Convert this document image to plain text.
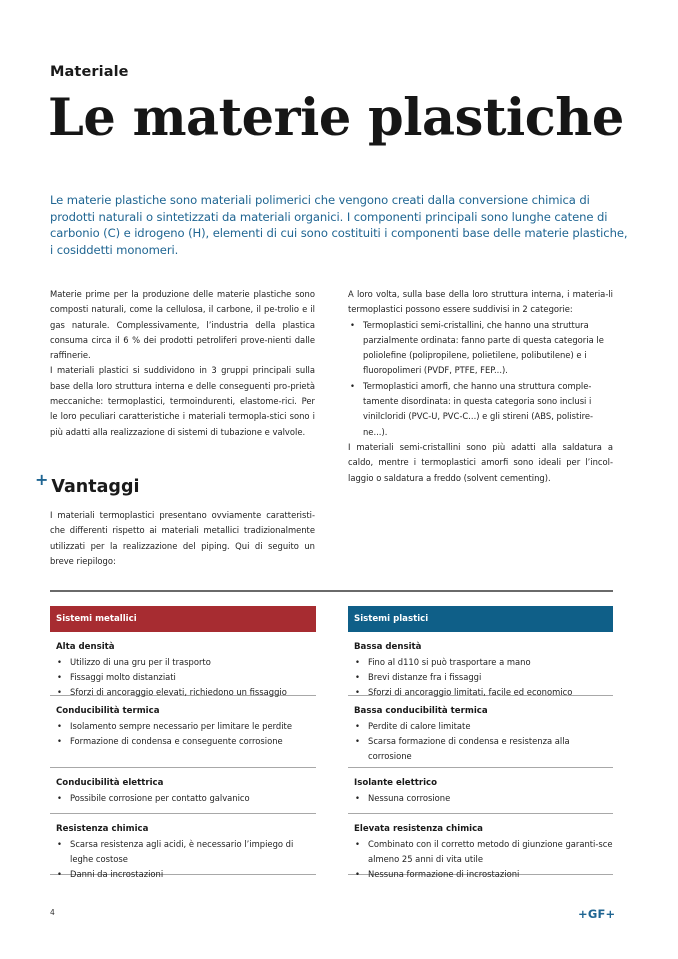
Materiale
Le materie plastiche
Le materie plastiche sono materiali polimerici che vengono creati dalla conversione chimica di prodotti naturali o sintetizzati da materiali organici. I componenti principali sono lunghe catene di carbonio (C) e idrogeno (H), elementi di cui sono costituiti i componenti base delle materie plastiche, i cosiddetti monomeri.

Materie prime per la produzione delle materie plastiche sono composti naturali, come la cellulosa, il carbone, il pe-trolio e il gas naturale. Complessivamente, l’industria della plastica consuma circa il 6 % dei prodotti petroliferi prove-nienti dalle raffinerie.

I materiali plastici si suddividono in 3 gruppi principali sulla base della loro struttura interna e delle conseguenti pro-prietà meccaniche: termoplastici, termoindurenti, elastome-rici. Per le loro peculiari caratteristiche i materiali termopla-stici sono i più adatti alla realizzazione di sistemi di tubazione e valvole.

A loro volta, sulla base della loro struttura interna, i materia-li termoplastici possono essere suddivisi in 2 categorie:

• Termoplastici semi-cristallini, che hanno una struttura parzialmente ordinata: fanno parte di questa categoria le poliolefine (polipropilene, polietilene, polibutilene) e i fluoropolimeri (PVDF, PTFE, FEP...).
• Termoplastici amorfi, che hanno una struttura comple-tamente disordinata: in questa categoria sono inclusi i vinilcloridi (PVC-U, PVC-C...) e gli stireni (ABS, polistire-ne...).

I materiali semi-cristallini sono più adatti alla saldatura a caldo, mentre i termoplastici amorfi sono ideali per l’incol-laggio o saldatura a freddo (solvent cementing).

+ Vantaggi
I materiali termoplastici presentano ovviamente caratteristi-che differenti rispetto ai materiali metallici tradizionalmente utilizzati per la realizzazione del piping. Qui di seguito un breve riepilogo:
Sistemi metallici
Alta densità
• Utilizzo di una gru per il trasporto
• Fissaggi molto distanziati
• Sforzi di ancoraggio elevati, richiedono un fissaggio
Conducibilità termica
• Isolamento sempre necessario per limitare le perdite
• Formazione di condensa e conseguente corrosione
Conducibilità elettrica
• Possibile corrosione per contatto galvanico
Resistenza chimica
• Scarsa resistenza agli acidi, è necessario l’impiego di leghe costose
• Danni da incrostazioni
Sistemi plastici
Bassa densità
• Fino al d110 si può trasportare a mano
• Brevi distanze fra i fissaggi
• Sforzi di ancoraggio limitati, facile ed economico
Bassa conducibilità termica
• Perdite di calore limitate
• Scarsa formazione di condensa e resistenza alla corrosione
Isolante elettrico
• Nessuna corrosione
Elevata resistenza chimica
• Combinato con il corretto metodo di giunzione garanti-sce almeno 25 anni di vita utile
• Nessuna formazione di incrostazioni
4	+GF+
